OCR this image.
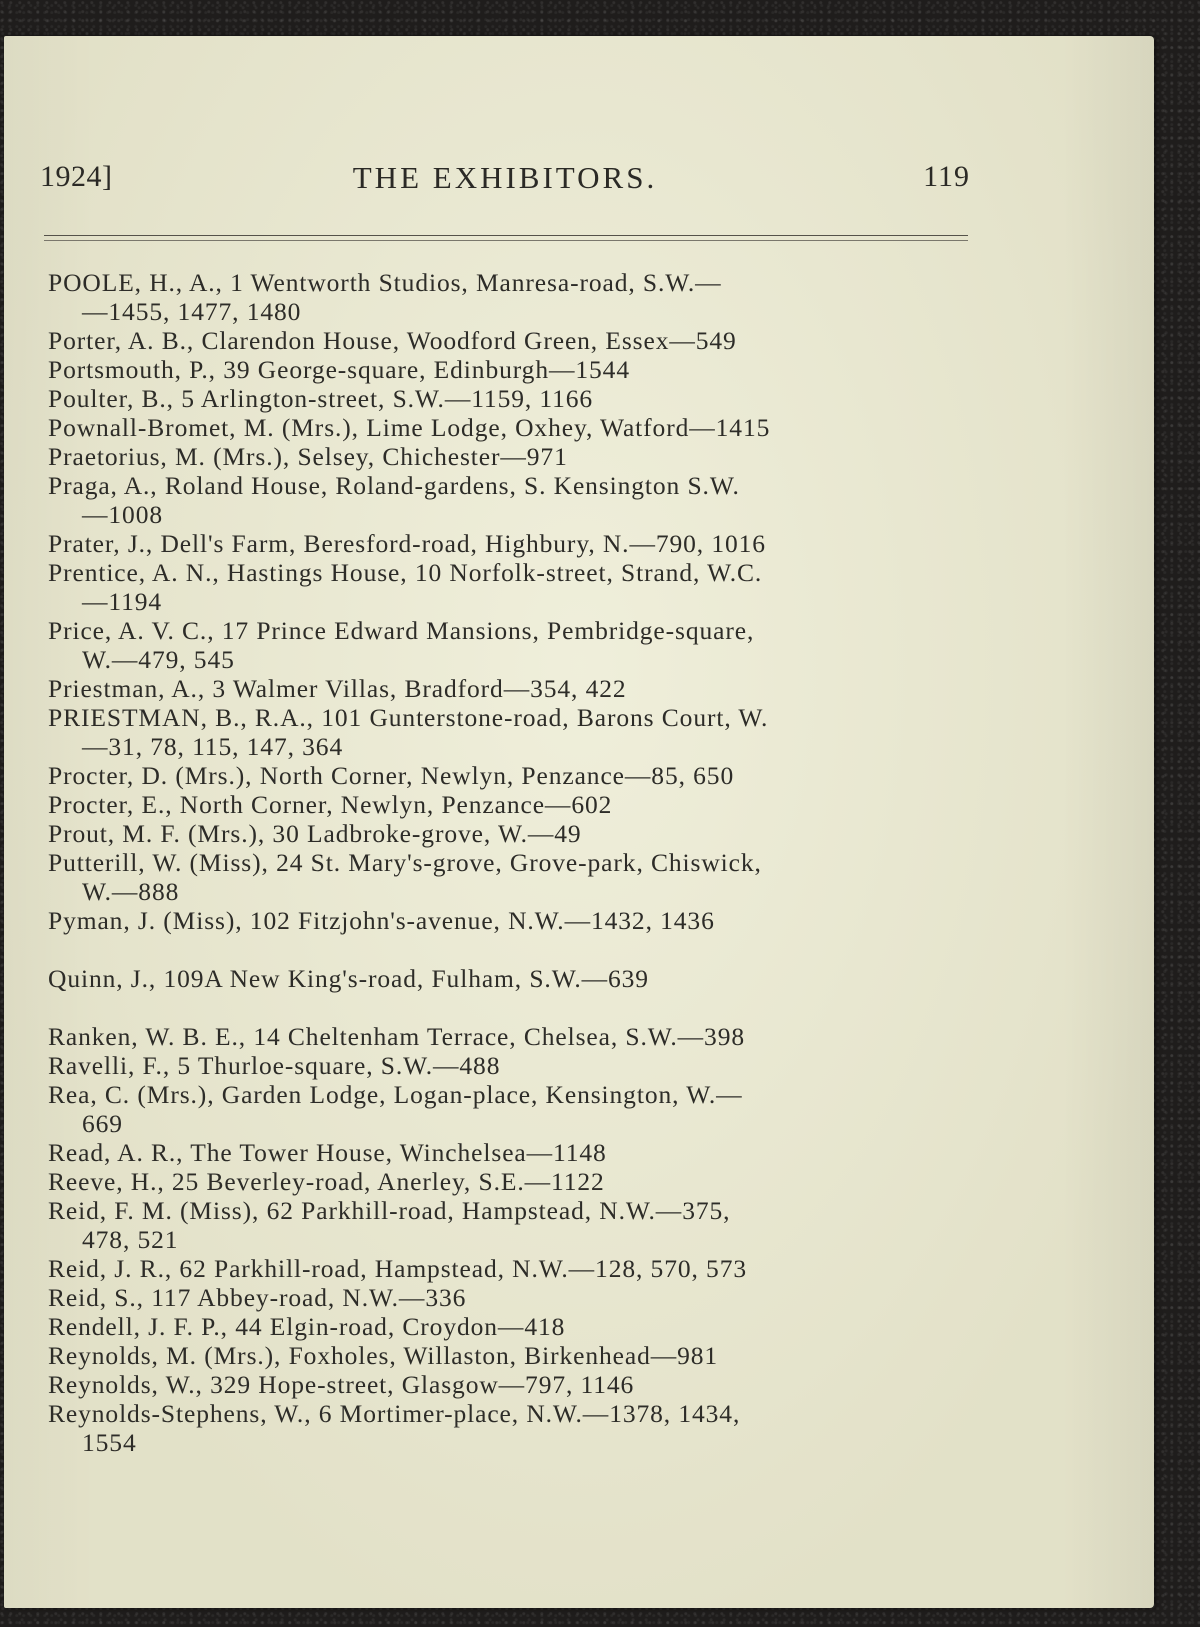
1924]	THE EXHIBITORS.	119

POOLE, H., A., 1 Wentworth Studios, Manresa-road, S.W.—
—1455, 1477, 1480

Porter, A. B., Clarendon House, Woodford Green, Essex—549

Portsmouth, P., 39 George-square, Edinburgh—1544

Poulter, B., 5 Arlington-street, S.W.—1159, 1166

Pownall-Bromet, M. (Mrs.), Lime Lodge, Oxhey, Watford—1415

Praetorius, M. (Mrs.), Selsey, Chichester—971

Praga, A., Roland House, Roland-gardens, S. Kensington S.W.
—1008

Prater, J., Dell's Farm, Beresford-road, Highbury, N.—790, 1016

Prentice, A. N., Hastings House, 10 Norfolk-street, Strand, W.C.
—1194

Price, A. V. C., 17 Prince Edward Mansions, Pembridge-square,
W.—479, 545

Priestman, A., 3 Walmer Villas, Bradford—354, 422

PRIESTMAN, B., R.A., 101 Gunterstone-road, Barons Court, W.
—31, 78, 115, 147, 364

Procter, D. (Mrs.), North Corner, Newlyn, Penzance—85, 650

Procter, E., North Corner, Newlyn, Penzance—602

Prout, M. F. (Mrs.), 30 Ladbroke-grove, W.—49

Putterill, W. (Miss), 24 St. Mary's-grove, Grove-park, Chiswick,
W.—888

Pyman, J. (Miss), 102 Fitzjohn's-avenue, N.W.—1432, 1436

Quinn, J., 109A New King's-road, Fulham, S.W.—639

Ranken, W. B. E., 14 Cheltenham Terrace, Chelsea, S.W.—398

Ravelli, F., 5 Thurloe-square, S.W.—488

Rea, C. (Mrs.), Garden Lodge, Logan-place, Kensington, W.—
669

Read, A. R., The Tower House, Winchelsea—1148

Reeve, H., 25 Beverley-road, Anerley, S.E.—1122

Reid, F. M. (Miss), 62 Parkhill-road, Hampstead, N.W.—375,
478, 521

Reid, J. R., 62 Parkhill-road, Hampstead, N.W.—128, 570, 573

Reid, S., 117 Abbey-road, N.W.—336

Rendell, J. F. P., 44 Elgin-road, Croydon—418

Reynolds, M. (Mrs.), Foxholes, Willaston, Birkenhead—981

Reynolds, W., 329 Hope-street, Glasgow—797, 1146

Reynolds-Stephens, W., 6 Mortimer-place, N.W.—1378, 1434,
1554
